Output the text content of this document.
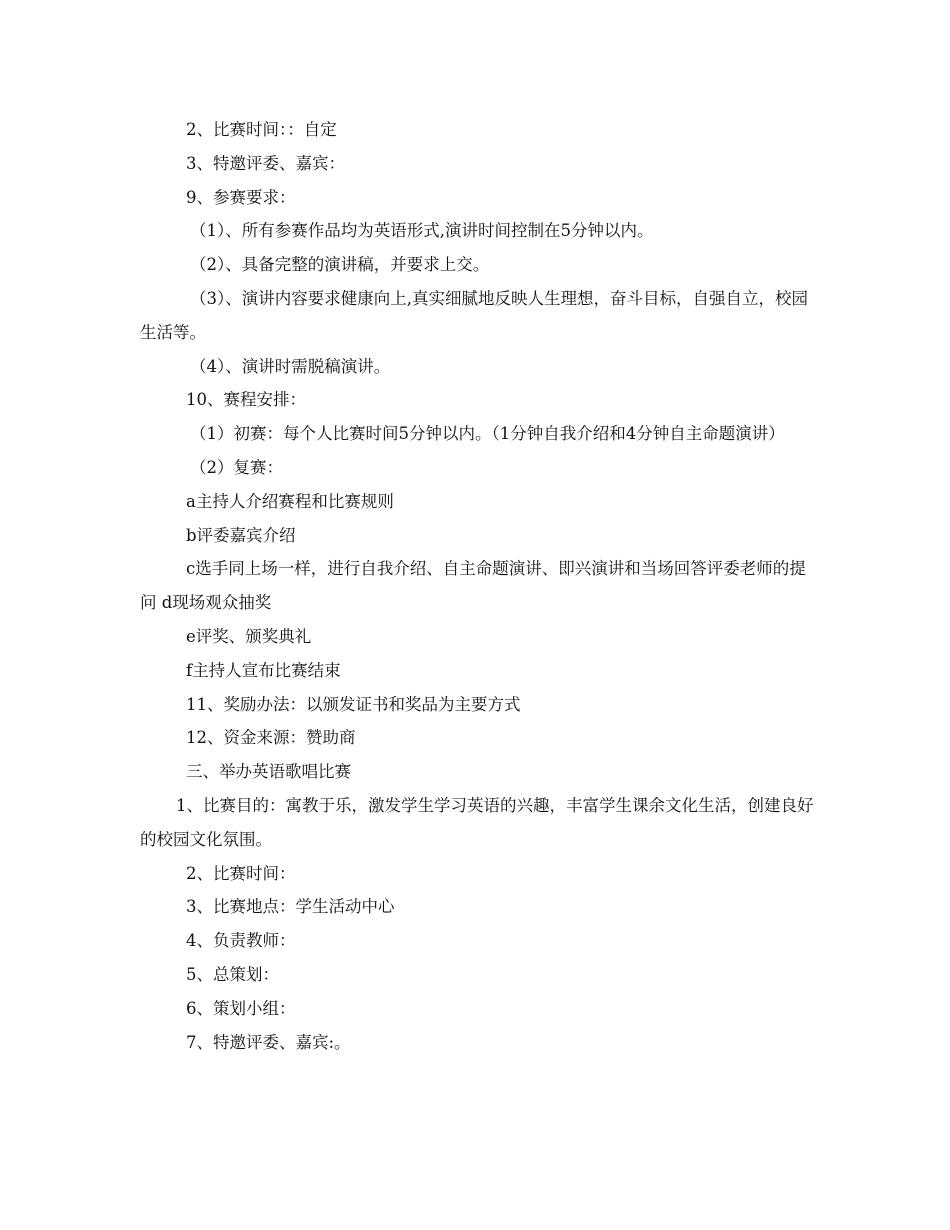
2、比赛时间：：自定

3、特邀评委、嘉宾：

9、参赛要求：

（1）、所有参赛作品均为英语形式,演讲时间控制在5分钟以内。

（2）、具备完整的演讲稿，并要求上交。

（3）、演讲内容要求健康向上,真实细腻地反映人生理想，奋斗目标，自强自立，校园生活等。

（4）、演讲时需脱稿演讲。

10、赛程安排：

（1）初赛：每个人比赛时间5分钟以内。（1分钟自我介绍和4分钟自主命题演讲）

（2）复赛：

a主持人介绍赛程和比赛规则

b评委嘉宾介绍

c选手同上场一样，进行自我介绍、自主命题演讲、即兴演讲和当场回答评委老师的提问 d现场观众抽奖

e评奖、颁奖典礼

f主持人宣布比赛结束

11、奖励办法：以颁发证书和奖品为主要方式

12、资金来源：赞助商

三、举办英语歌唱比赛

1、比赛目的：寓教于乐，激发学生学习英语的兴趣，丰富学生课余文化生活，创建良好的校园文化氛围。

2、比赛时间：

3、比赛地点：学生活动中心

4、负责教师：

5、总策划：

6、策划小组：

7、特邀评委、嘉宾:。
